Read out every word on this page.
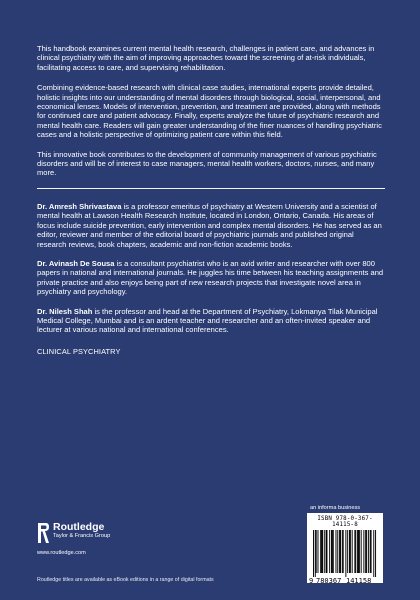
This handbook examines current mental health research, challenges in patient care, and advances in clinical psychiatry with the aim of improving approaches toward the screening of at-risk individuals, facilitating access to care, and supervising rehabilitation.

Combining evidence-based research with clinical case studies, international experts provide detailed, holistic insights into our understanding of mental disorders through biological, social, interpersonal, and economical lenses. Models of intervention, prevention, and treatment are provided, along with methods for continued care and patient advocacy. Finally, experts analyze the future of psychiatric research and mental health care. Readers will gain greater understanding of the finer nuances of handling psychiatric cases and a holistic perspective of optimizing patient care within this field.

This innovative book contributes to the development of community management of various psychiatric disorders and will be of interest to case managers, mental health workers, doctors, nurses, and many more.

Dr. Amresh Shrivastava is a professor emeritus of psychiatry at Western University and a scientist of mental health at Lawson Health Research Institute, located in London, Ontario, Canada. His areas of focus include suicide prevention, early intervention and complex mental disorders. He has served as an editor, reviewer and member of the editorial board of psychiatric journals and published original research reviews, book chapters, academic and non-fiction academic books.

Dr. Avinash De Sousa is a consultant psychiatrist who is an avid writer and researcher with over 800 papers in national and international journals. He juggles his time between his teaching assignments and private practice and also enjoys being part of new research projects that investigate novel area in psychiatry and psychology.

Dr. Nilesh Shah is the professor and head at the Department of Psychiatry, Lokmanya Tilak Municipal Medical College, Mumbai and is an ardent teacher and researcher and an often-invited speaker and lecturer at various national and international conferences.

CLINICAL PSYCHIATRY
Routledge
Taylor & Francis Group
www.routledge.com
Routledge titles are available as eBook editions in a range of digital formats
an informa business
ISBN 978-0-367-14115-8
9 780367 141158
